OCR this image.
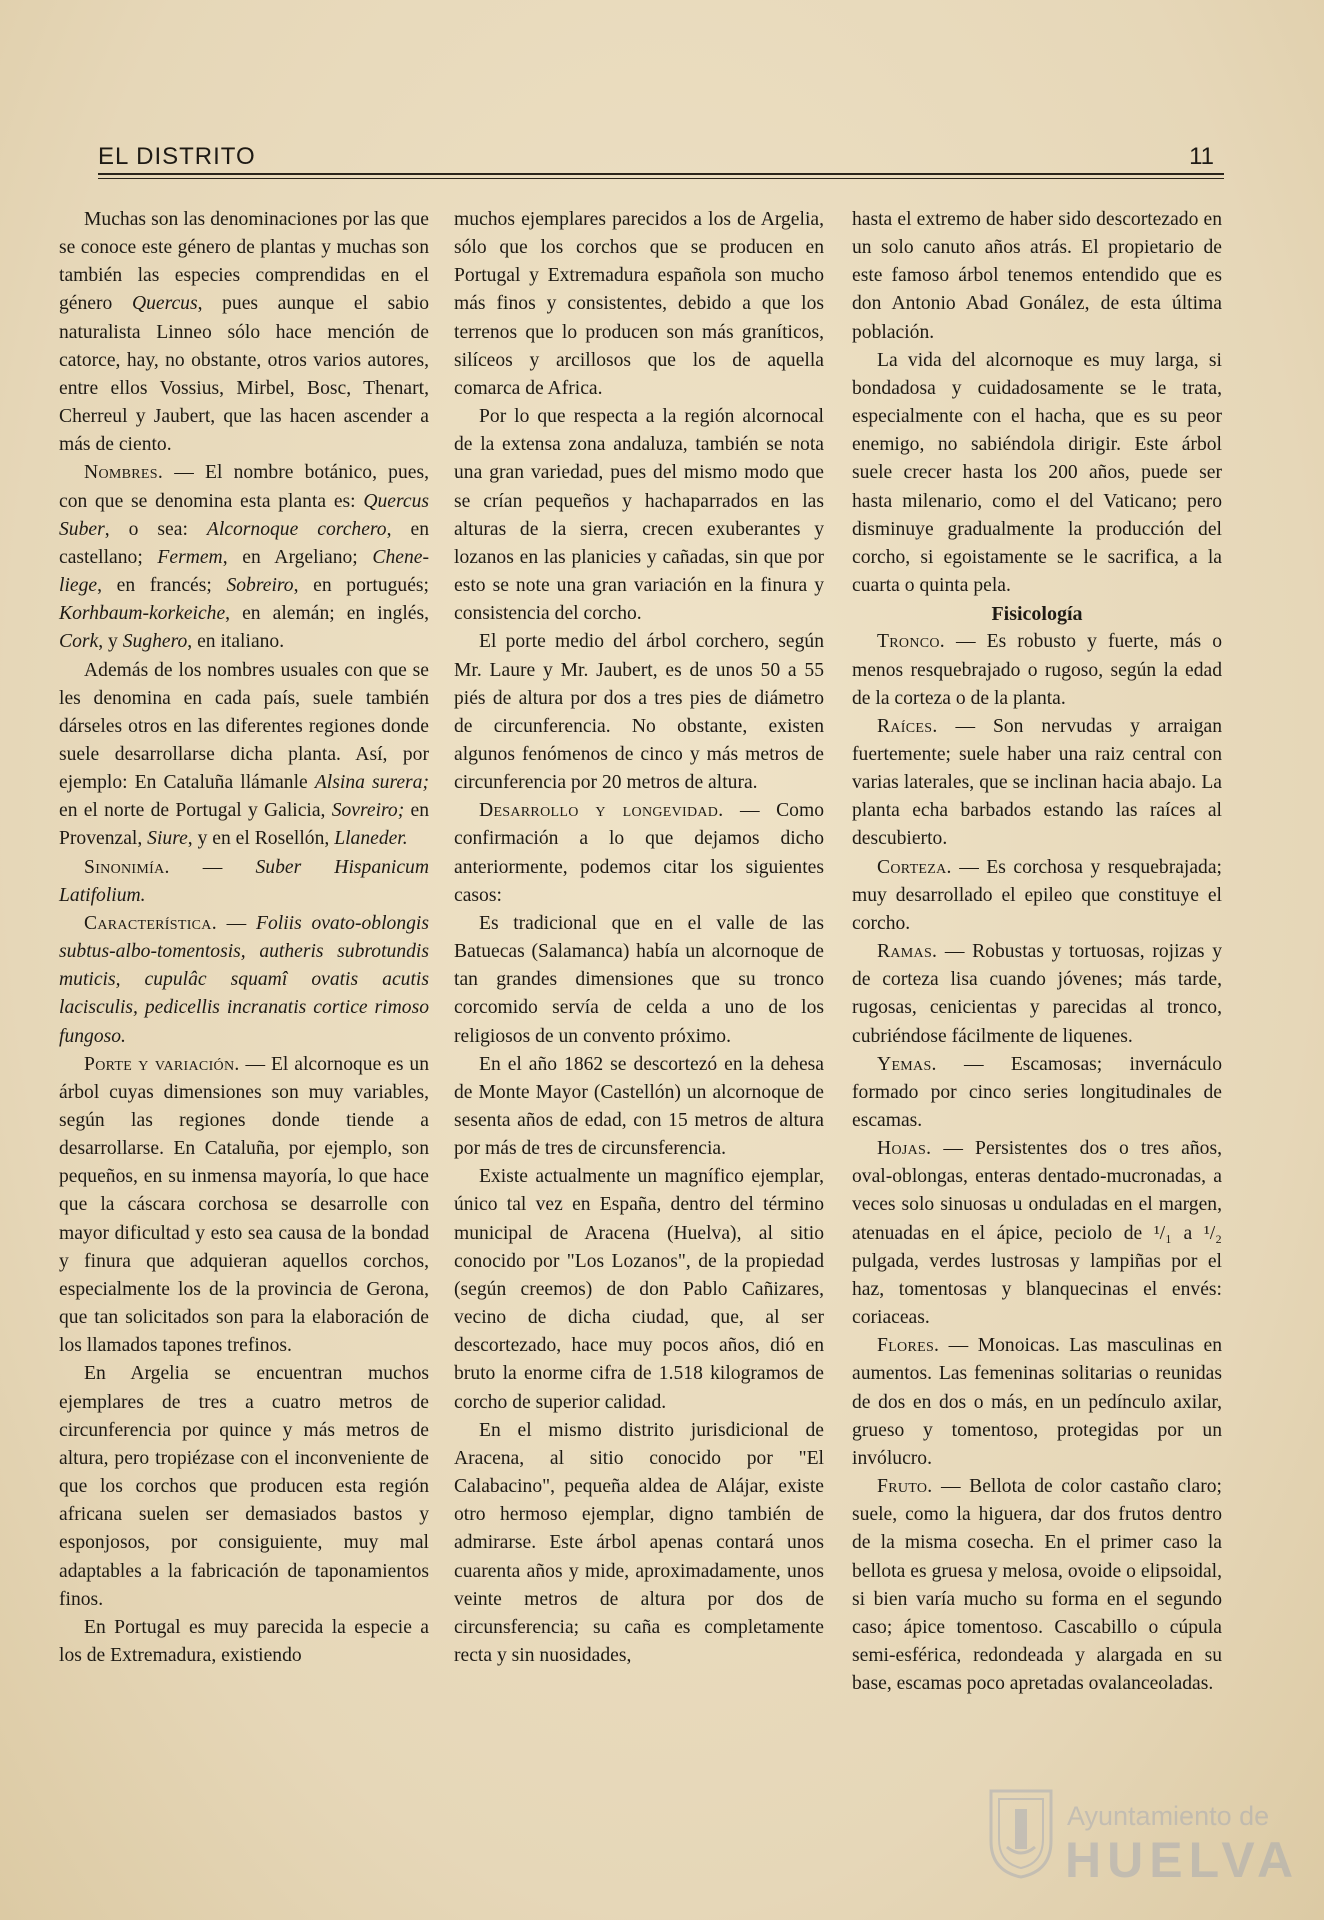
EL DISTRITO	11

Muchas son las denominaciones por las que se conoce este género de plantas y muchas son también las especies comprendidas en el género Quercus, pues aunque el sabio naturalista Linneo sólo hace mención de catorce, hay, no obstante, otros varios autores, entre ellos Vossius, Mirbel, Bosc, Thenart, Cherreul y Jaubert, que las hacen ascender a más de ciento.

Nombres. — El nombre botánico, pues, con que se denomina esta planta es: Quercus Suber, o sea: Alcornoque corchero, en castellano; Fermem, en Argeliano; Chene-liege, en francés; Sobreiro, en portugués; Korhbaum-korkeiche, en alemán; en inglés, Cork, y Sughero, en italiano.

Además de los nombres usuales con que se les denomina en cada país, suele también dárseles otros en las diferentes regiones donde suele desarrollarse dicha planta. Así, por ejemplo: En Cataluña llámanle Alsina surera; en el norte de Portugal y Galicia, Sovreiro; en Provenzal, Siure, y en el Rosellón, Llaneder.

Sinonimía. — Suber Hispanicum Latifolium.

Característica. — Foliis ovato-oblongis subtus-albo-tomentosis, autheris subrotundis muticis, cupulâc squamî ovatis acutis lacisculis, pedicellis incranatis cortice rimoso fungoso.

Porte y variación. — El alcornoque es un árbol cuyas dimensiones son muy variables, según las regiones donde tiende a desarrollarse. En Cataluña, por ejemplo, son pequeños, en su inmensa mayoría, lo que hace que la cáscara corchosa se desarrolle con mayor dificultad y esto sea causa de la bondad y finura que adquieran aquellos corchos, especialmente los de la provincia de Gerona, que tan solicitados son para la elaboración de los llamados tapones trefinos.

En Argelia se encuentran muchos ejemplares de tres a cuatro metros de circunferencia por quince y más metros de altura, pero tropiézase con el inconveniente de que los corchos que producen esta región africana suelen ser demasiados bastos y esponjosos, por consiguiente, muy mal adaptables a la fabricación de taponamientos finos.

En Portugal es muy parecida la especie a los de Extremadura, existiendo

muchos ejemplares parecidos a los de Argelia, sólo que los corchos que se producen en Portugal y Extremadura española son mucho más finos y consistentes, debido a que los terrenos que lo producen son más graníticos, silíceos y arcillosos que los de aquella comarca de Africa.

Por lo que respecta a la región alcornocal de la extensa zona andaluza, también se nota una gran variedad, pues del mismo modo que se crían pequeños y hachaparrados en las alturas de la sierra, crecen exuberantes y lozanos en las planicies y cañadas, sin que por esto se note una gran variación en la finura y consistencia del corcho.

El porte medio del árbol corchero, según Mr. Laure y Mr. Jaubert, es de unos 50 a 55 piés de altura por dos a tres pies de diámetro de circunferencia. No obstante, existen algunos fenómenos de cinco y más metros de circunferencia por 20 metros de altura.

Desarrollo y longevidad. — Como confirmación a lo que dejamos dicho anteriormente, podemos citar los siguientes casos:

Es tradicional que en el valle de las Batuecas (Salamanca) había un alcornoque de tan grandes dimensiones que su tronco corcomido servía de celda a uno de los religiosos de un convento próximo.

En el año 1862 se descortezó en la dehesa de Monte Mayor (Castellón) un alcornoque de sesenta años de edad, con 15 metros de altura por más de tres de circunsferencia.

Existe actualmente un magnífico ejemplar, único tal vez en España, dentro del término municipal de Aracena (Huelva), al sitio conocido por "Los Lozanos", de la propiedad (según creemos) de don Pablo Cañizares, vecino de dicha ciudad, que, al ser descortezado, hace muy pocos años, dió en bruto la enorme cifra de 1.518 kilogramos de corcho de superior calidad.

En el mismo distrito jurisdicional de Aracena, al sitio conocido por "El Calabacino", pequeña aldea de Alájar, existe otro hermoso ejemplar, digno también de admirarse. Este árbol apenas contará unos cuarenta años y mide, aproximadamente, unos veinte metros de altura por dos de circunsferencia; su caña es completamente recta y sin nuosidades,

hasta el extremo de haber sido descortezado en un solo canuto años atrás. El propietario de este famoso árbol tenemos entendido que es don Antonio Abad Gonález, de esta última población.

La vida del alcornoque es muy larga, si bondadosa y cuidadosamente se le trata, especialmente con el hacha, que es su peor enemigo, no sabiéndola dirigir. Este árbol suele crecer hasta los 200 años, puede ser hasta milenario, como el del Vaticano; pero disminuye gradualmente la producción del corcho, si egoistamente se le sacrifica, a la cuarta o quinta pela.

Fisicología

Tronco. — Es robusto y fuerte, más o menos resquebrajado o rugoso, según la edad de la corteza o de la planta.

Raíces. — Son nervudas y arraigan fuertemente; suele haber una raiz central con varias laterales, que se inclinan hacia abajo. La planta echa barbados estando las raíces al descubierto.

Corteza. — Es corchosa y resquebrajada; muy desarrollado el epileo que constituye el corcho.

Ramas. — Robustas y tortuosas, rojizas y de corteza lisa cuando jóvenes; más tarde, rugosas, cenicientas y parecidas al tronco, cubriéndose fácilmente de liquenes.

Yemas. — Escamosas; invernáculo formado por cinco series longitudinales de escamas.

Hojas. — Persistentes dos o tres años, oval-oblongas, enteras dentado-mucronadas, a veces solo sinuosas u onduladas en el margen, atenuadas en el ápice, peciolo de ¹/₁ a ¹/₂ pulgada, verdes lustrosas y lampiñas por el haz, tomentosas y blanquecinas el envés: coriaceas.

Flores. — Monoicas. Las masculinas en aumentos. Las femeninas solitarias o reunidas de dos en dos o más, en un pedínculo axilar, grueso y tomentoso, protegidas por un invólucro.

Fruto. — Bellota de color castaño claro; suele, como la higuera, dar dos frutos dentro de la misma cosecha. En el primer caso la bellota es gruesa y melosa, ovoide o elipsoidal, si bien varía mucho su forma en el segundo caso; ápice tomentoso. Cascabillo o cúpula semi-esférica, redondeada y alargada en su base, escamas poco apretadas ovalanceoladas.

Ayuntamiento de
HUELVA
